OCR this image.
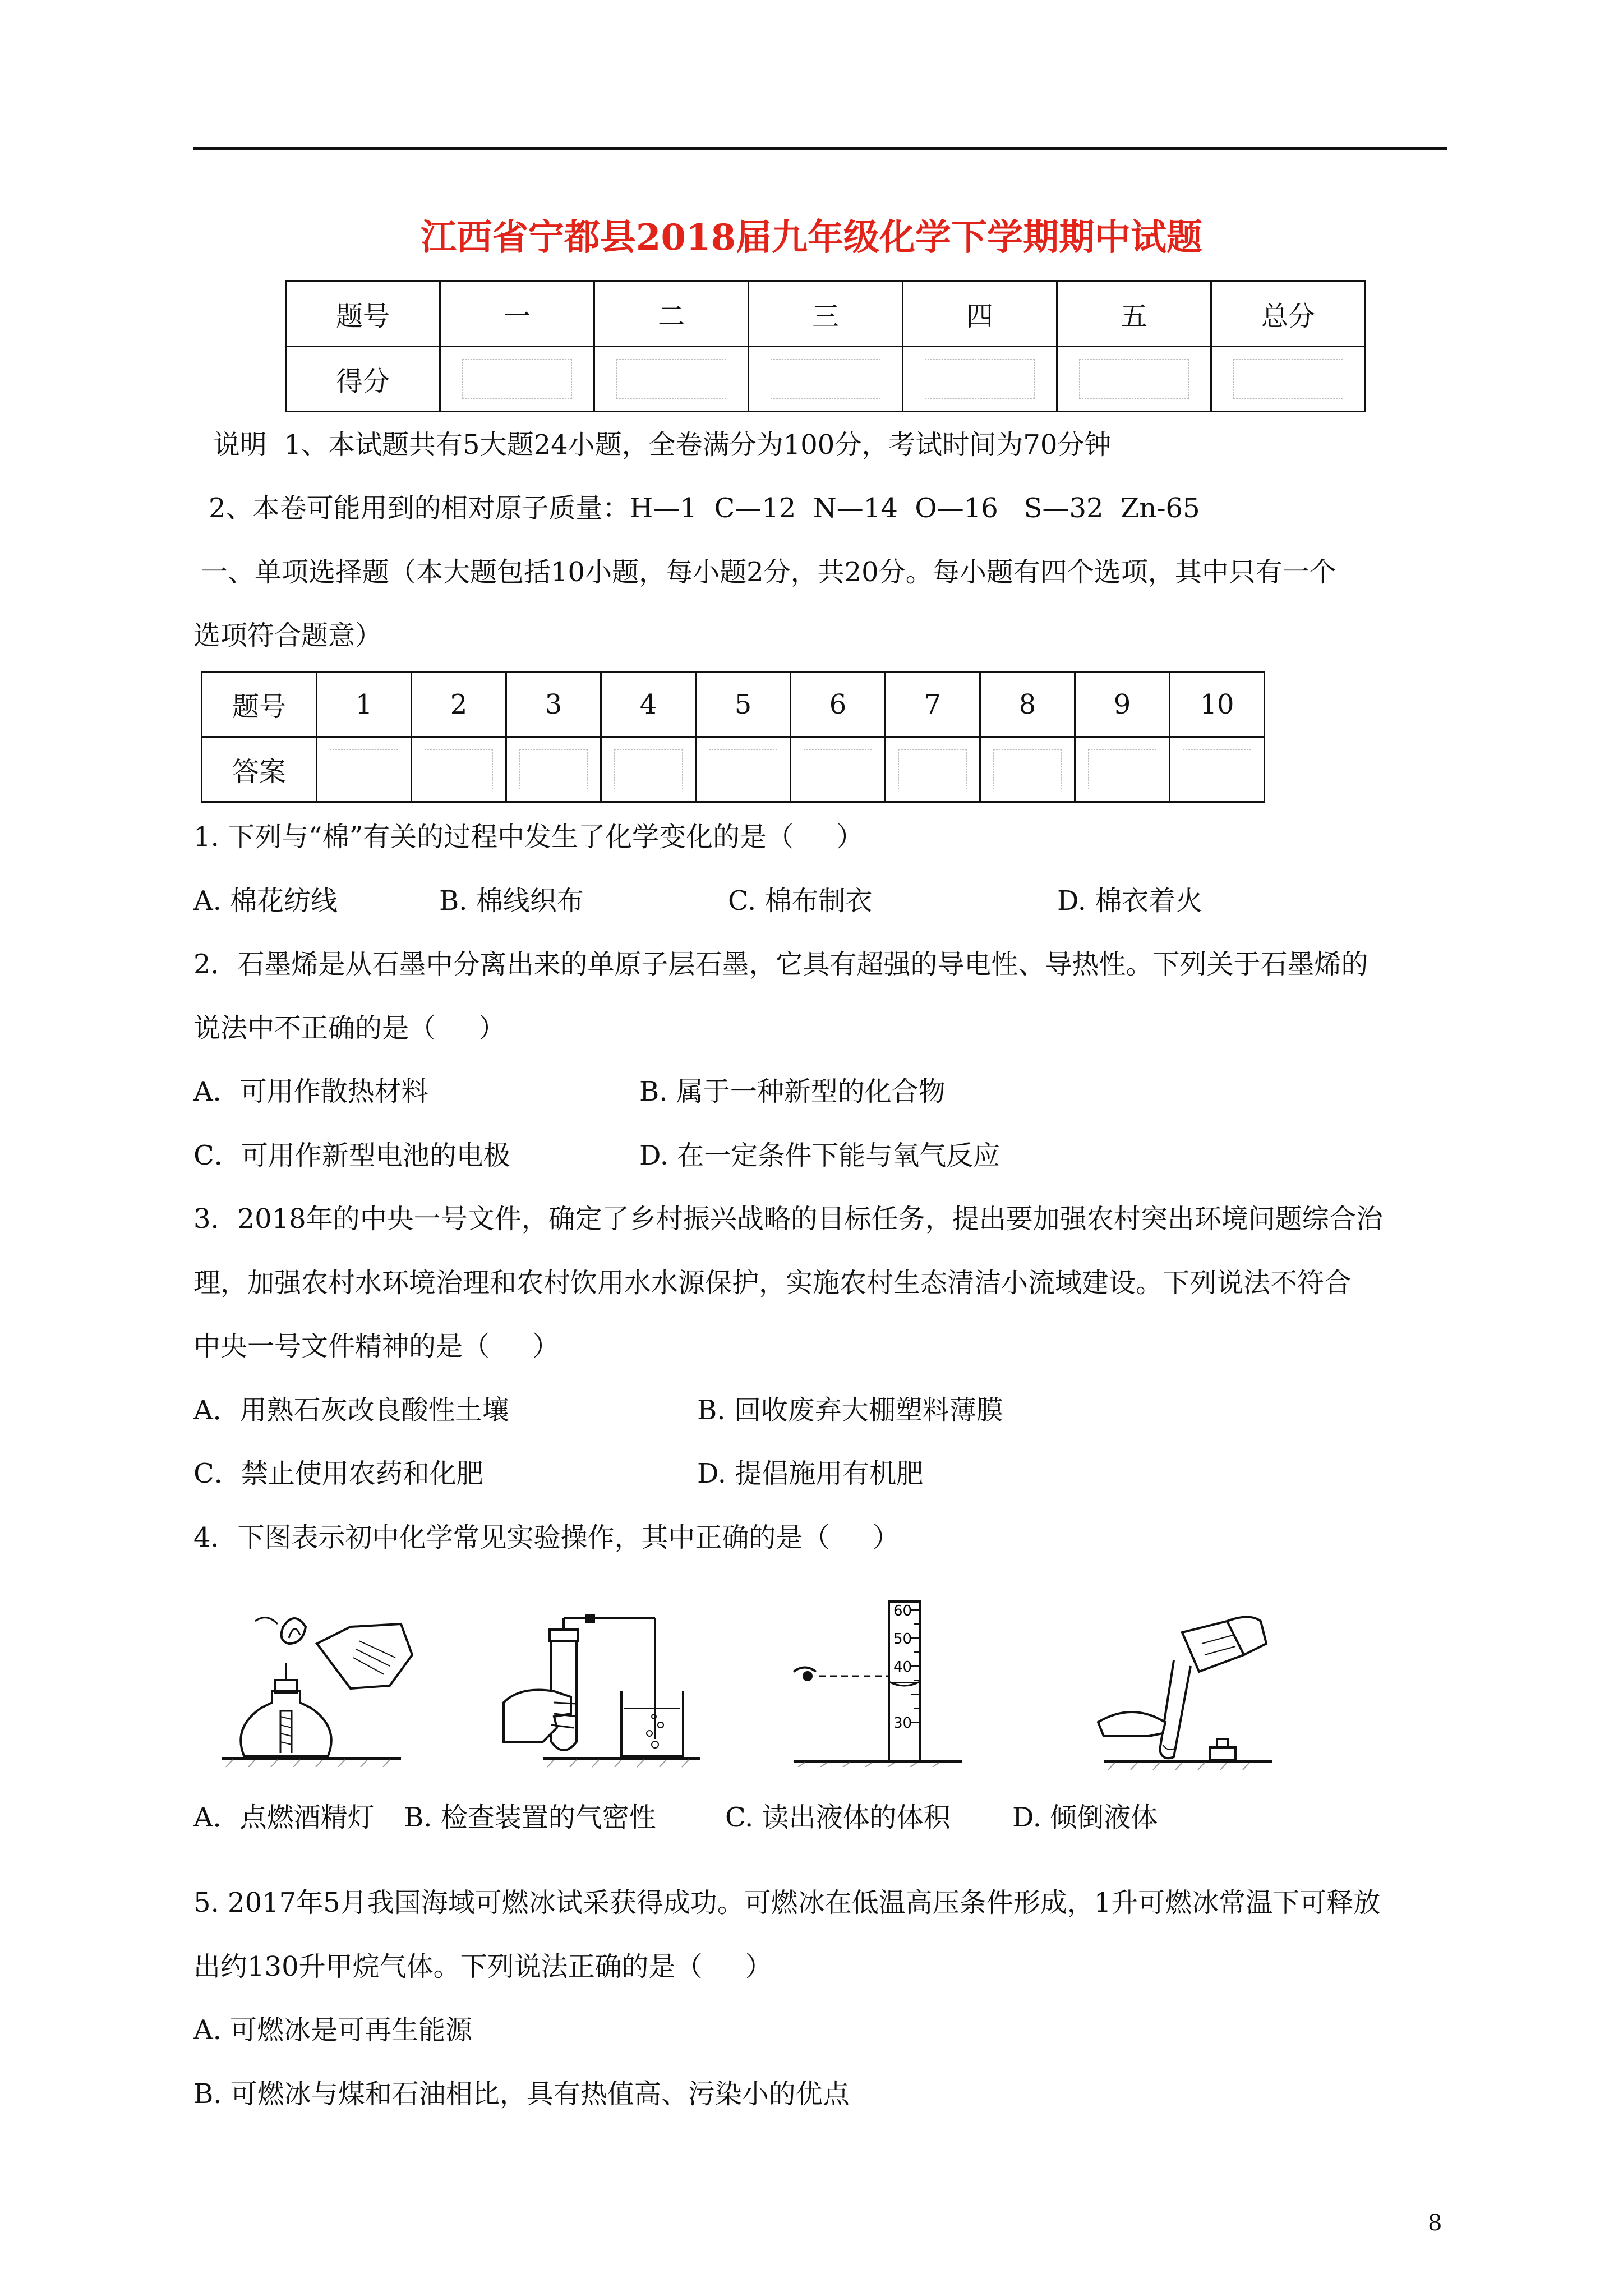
江西省宁都县2018届九年级化学下学期期中试题
题号	一	二	三	四	五	总分
得分						
说明  1、本试题共有5大题24小题，全卷满分为100分，考试时间为70分钟
2、本卷可能用到的相对原子质量：H—1  C—12  N—14  O—16   S—32  Zn-65
一、单项选择题（本大题包括10小题，每小题2分，共20分。每小题有四个选项，其中只有一个
选项符合题意）
题号	1	2	3	4	5	6	7	8	9	10
答案										
1. 下列与“棉”有关的过程中发生了化学变化的是（     ）
A. 棉花纺线	B. 棉线织布	C. 棉布制衣	D. 棉衣着火
2．石墨烯是从石墨中分离出来的单原子层石墨，它具有超强的导电性、导热性。下列关于石墨烯的
说法中不正确的是（     ）
A．可用作散热材料	B. 属于一种新型的化合物
C．可用作新型电池的电极	D. 在一定条件下能与氧气反应
3．2018年的中央一号文件，确定了乡村振兴战略的目标任务，提出要加强农村突出环境问题综合治
理，加强农村水环境治理和农村饮用水水源保护，实施农村生态清洁小流域建设。下列说法不符合
中央一号文件精神的是（     ）
A．用熟石灰改良酸性土壤	B. 回收废弃大棚塑料薄膜
C．禁止使用农药和化肥	D. 提倡施用有机肥
4．下图表示初中化学常见实验操作，其中正确的是（     ）
60
50
40
30
A．点燃酒精灯 B. 检查装置的气密性	C. 读出液体的体积 D. 倾倒液体
5. 2017年5月我国海域可燃冰试采获得成功。可燃冰在低温高压条件形成，1升可燃冰常温下可释放
出约130升甲烷气体。下列说法正确的是（     ）
A. 可燃冰是可再生能源
B. 可燃冰与煤和石油相比，具有热值高、污染小的优点
8
